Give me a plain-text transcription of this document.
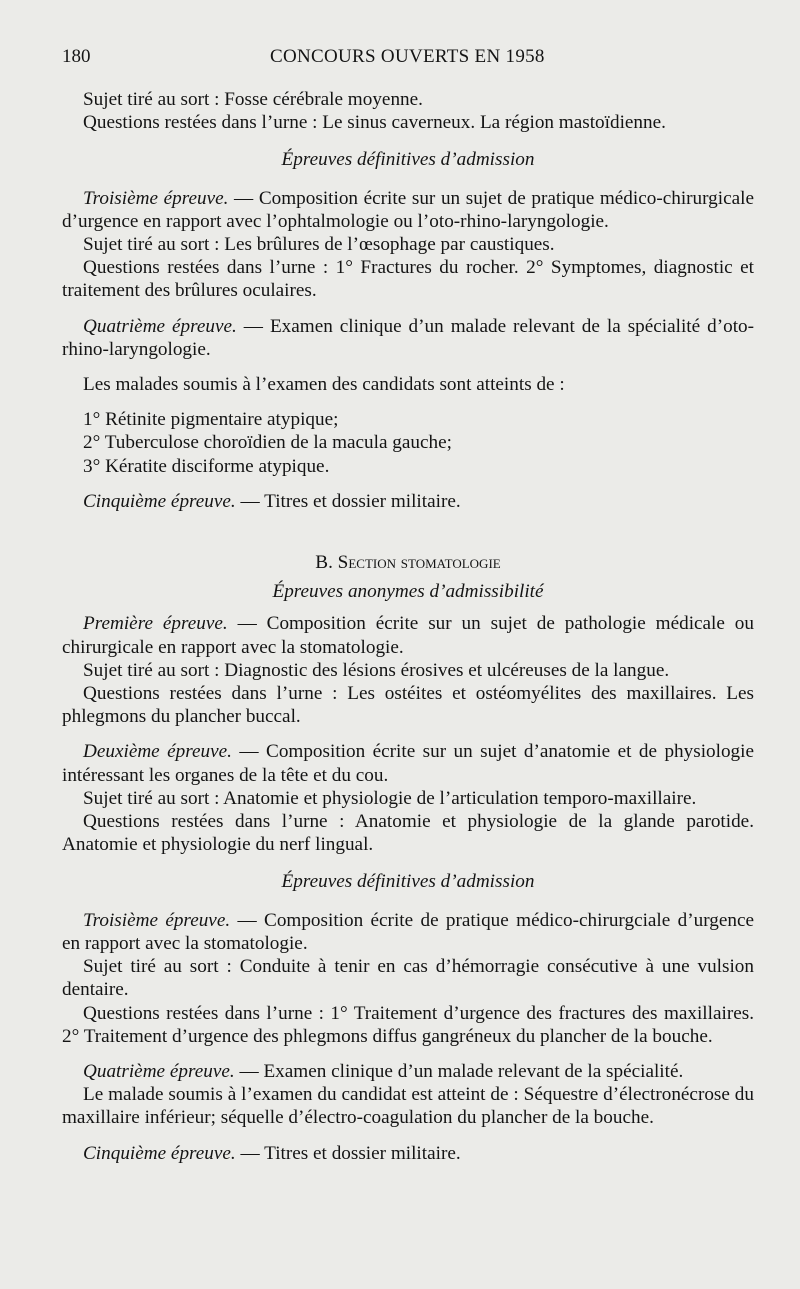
180	CONCOURS OUVERTS EN 1958

Sujet tiré au sort : Fosse cérébrale moyenne.

Questions restées dans l’urne : Le sinus caverneux. La région mastoïdienne.

Épreuves définitives d’admission

Troisième épreuve. — Composition écrite sur un sujet de pratique médico-chirurgicale d’urgence en rapport avec l’ophtalmologie ou l’oto-rhino-laryngologie.

Sujet tiré au sort : Les brûlures de l’œsophage par caustiques.

Questions restées dans l’urne : 1° Fractures du rocher. 2° Symptomes, diagnostic et traitement des brûlures oculaires.

Quatrième épreuve. — Examen clinique d’un malade relevant de la spécialité d’oto-rhino-laryngologie.

Les malades soumis à l’examen des candidats sont atteints de :

1° Rétinite pigmentaire atypique;

2° Tuberculose choroïdien de la macula gauche;

3° Kératite disciforme atypique.

Cinquième épreuve. — Titres et dossier militaire.

B. Section stomatologie

Épreuves anonymes d’admissibilité

Première épreuve. — Composition écrite sur un sujet de pathologie médicale ou chirurgicale en rapport avec la stomatologie.

Sujet tiré au sort : Diagnostic des lésions érosives et ulcéreuses de la langue.

Questions restées dans l’urne : Les ostéites et ostéomyélites des maxillaires. Les phlegmons du plancher buccal.

Deuxième épreuve. — Composition écrite sur un sujet d’anatomie et de physiologie intéressant les organes de la tête et du cou.

Sujet tiré au sort : Anatomie et physiologie de l’articulation temporo-maxillaire.

Questions restées dans l’urne : Anatomie et physiologie de la glande parotide. Anatomie et physiologie du nerf lingual.

Épreuves définitives d’admission

Troisième épreuve. — Composition écrite de pratique médico-chirurgciale d’urgence en rapport avec la stomatologie.

Sujet tiré au sort : Conduite à tenir en cas d’hémorragie consécutive à une vulsion dentaire.

Questions restées dans l’urne : 1° Traitement d’urgence des fractures des maxillaires. 2° Traitement d’urgence des phlegmons diffus gangréneux du plancher de la bouche.

Quatrième épreuve. — Examen clinique d’un malade relevant de la spécialité.

Le malade soumis à l’examen du candidat est atteint de : Séquestre d’électronécrose du maxillaire inférieur; séquelle d’électro-coagulation du plancher de la bouche.

Cinquième épreuve. — Titres et dossier militaire.
